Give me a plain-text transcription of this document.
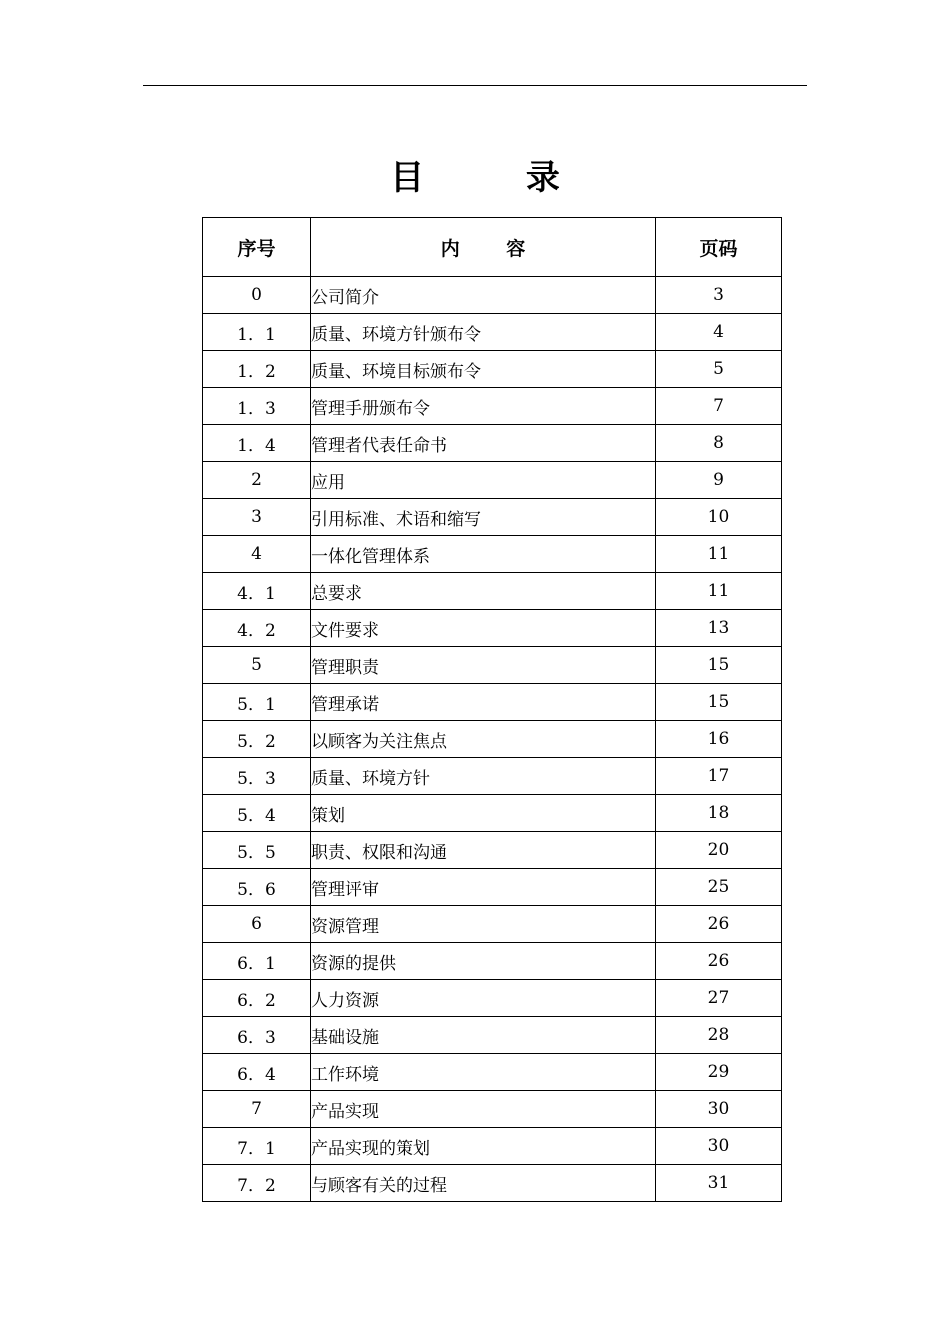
目 录
序号	内 容	页码
0	公司简介	3
1．1	质量、环境方针颁布令	4
1．2	质量、环境目标颁布令	5
1．3	管理手册颁布令	7
1．4	管理者代表任命书	8
2	应用	9
3	引用标准、术语和缩写	10
4	一体化管理体系	11
4．1	总要求	11
4．2	文件要求	13
5	管理职责	15
5．1	管理承诺	15
5．2	以顾客为关注焦点	16
5．3	质量、环境方针	17
5．4	策划	18
5．5	职责、权限和沟通	20
5．6	管理评审	25
6	资源管理	26
6．1	资源的提供	26
6．2	人力资源	27
6．3	基础设施	28
6．4	工作环境	29
7	产品实现	30
7．1	产品实现的策划	30
7．2	与顾客有关的过程	31
